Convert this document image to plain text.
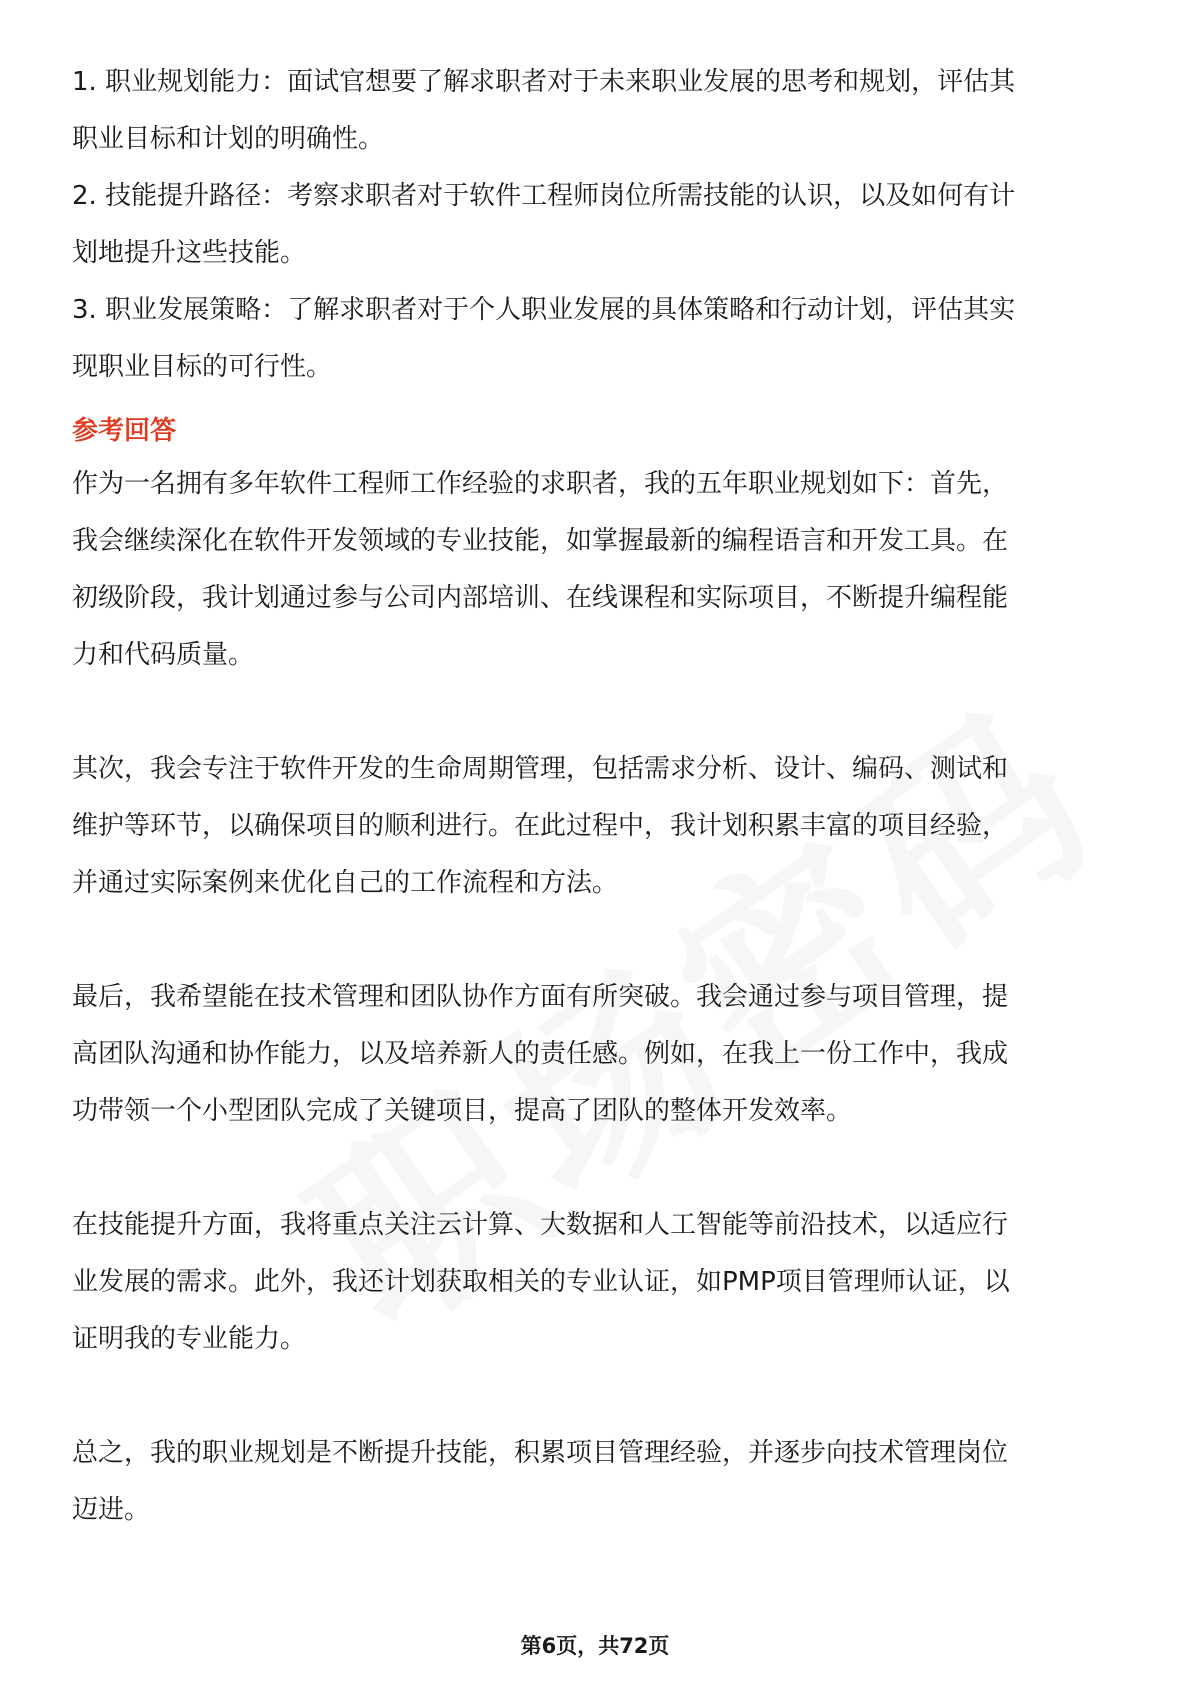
1. 职业规划能力：面试官想要了解求职者对于未来职业发展的思考和规划，评估其

职业目标和计划的明确性。

2. 技能提升路径：考察求职者对于软件工程师岗位所需技能的认识，以及如何有计

划地提升这些技能。

3. 职业发展策略：了解求职者对于个人职业发展的具体策略和行动计划，评估其实

现职业目标的可行性。

参考回答

作为一名拥有多年软件工程师工作经验的求职者，我的五年职业规划如下：首先，

我会继续深化在软件开发领域的专业技能，如掌握最新的编程语言和开发工具。在

初级阶段，我计划通过参与公司内部培训、在线课程和实际项目，不断提升编程能

力和代码质量。

其次，我会专注于软件开发的生命周期管理，包括需求分析、设计、编码、测试和

维护等环节，以确保项目的顺利进行。在此过程中，我计划积累丰富的项目经验，

并通过实际案例来优化自己的工作流程和方法。

最后，我希望能在技术管理和团队协作方面有所突破。我会通过参与项目管理，提

高团队沟通和协作能力，以及培养新人的责任感。例如，在我上一份工作中，我成

功带领一个小型团队完成了关键项目，提高了团队的整体开发效率。

在技能提升方面，我将重点关注云计算、大数据和人工智能等前沿技术，以适应行

业发展的需求。此外，我还计划获取相关的专业认证，如PMP项目管理师认证，以

证明我的专业能力。

总之，我的职业规划是不断提升技能，积累项目管理经验，并逐步向技术管理岗位

迈进。

第6页，共72页
